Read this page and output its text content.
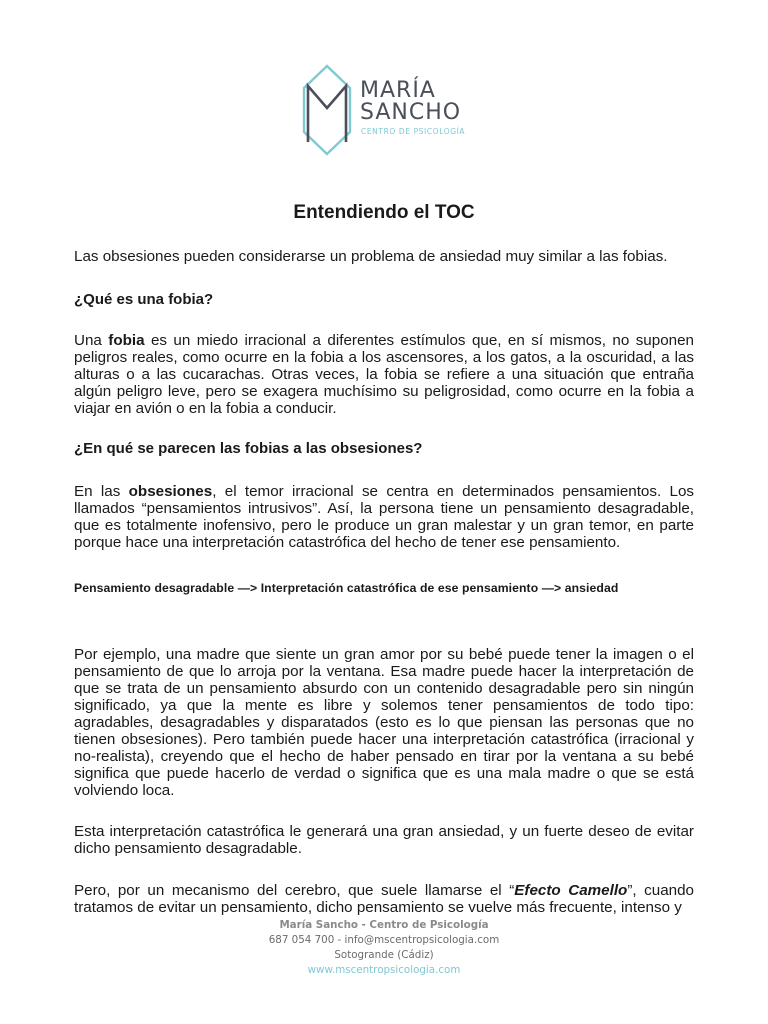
MARÍA
SANCHO
CENTRO DE PSICOLOGÍA
Entendiendo el TOC
Las obsesiones pueden considerarse un problema de ansiedad muy similar a las fobias.
¿Qué es una fobia?
Una fobia es un miedo irracional a diferentes estímulos que, en sí mismos, no suponen peligros reales, como ocurre en la fobia a los ascensores, a los gatos, a la oscuridad, a las alturas o a las cucarachas. Otras veces, la fobia se refiere a una situación que entraña algún peligro leve, pero se exagera muchísimo su peligrosidad, como ocurre en la fobia a viajar en avión o en la fobia a conducir.
¿En qué se parecen las fobias a las obsesiones?
En las obsesiones, el temor irracional se centra en determinados pensamientos. Los llamados “pensamientos intrusivos”. Así, la persona tiene un pensamiento desagradable, que es totalmente inofensivo, pero le produce un gran malestar y un gran temor, en parte porque hace una interpretación catastrófica del hecho de tener ese pensamiento.
Pensamiento desagradable —> Interpretación catastrófica de ese pensamiento —> ansiedad
Por ejemplo, una madre que siente un gran amor por su bebé puede tener la imagen o el pensamiento de que lo arroja por la ventana. Esa madre puede hacer la interpretación de que se trata de un pensamiento absurdo con un contenido desagradable pero sin ningún significado, ya que la mente es libre y solemos tener pensamientos de todo tipo: agradables, desagradables y disparatados (esto es lo que piensan las personas que no tienen obsesiones). Pero también puede hacer una interpretación catastrófica (irracional y no-realista), creyendo que el hecho de haber pensado en tirar por la ventana a su bebé significa que puede hacerlo de verdad o significa que es una mala madre o que se está volviendo loca.
Esta interpretación catastrófica le generará una gran ansiedad, y un fuerte deseo de evitar dicho pensamiento desagradable.
Pero, por un mecanismo del cerebro, que suele llamarse el “Efecto Camello”, cuando tratamos de evitar un pensamiento, dicho pensamiento se vuelve más frecuente, intenso y
María Sancho - Centro de Psicología
687 054 700 - info@mscentropsicologia.com
Sotogrande (Cádiz)
www.mscentropsicologia.com
